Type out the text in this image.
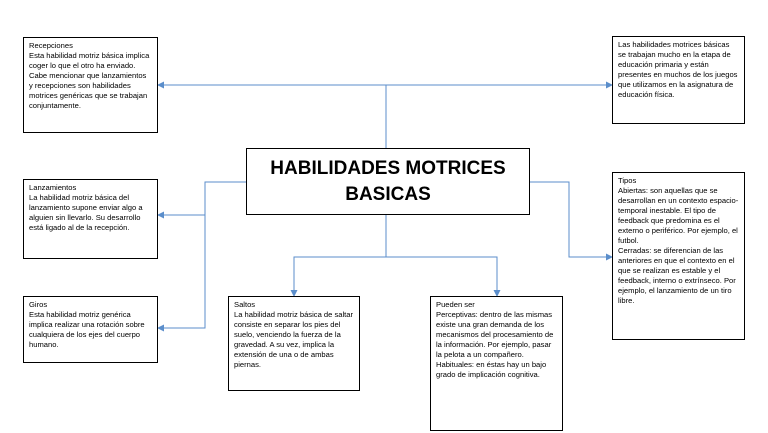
HABILIDADES MOTRICES
BASICAS
Recepciones
Esta habilidad motriz básica implica coger lo que el otro ha enviado. Cabe mencionar que lanzamientos y recepciones son habilidades motrices genéricas que se trabajan conjuntamente.
Lanzamientos
La habilidad motriz básica del lanzamiento supone enviar algo a alguien sin llevarlo. Su desarrollo está ligado al de la recepción.
Giros
Esta habilidad motriz genérica implica realizar una rotación sobre cualquiera de los ejes del cuerpo humano.
Saltos
La habilidad motriz básica de saltar consiste en separar los pies del suelo, venciendo la fuerza de la gravedad. A su vez, implica la extensión de una o de ambas piernas.
Pueden ser
Perceptivas: dentro de las mismas existe una gran demanda de los mecanismos del procesamiento de la información. Por ejemplo, pasar la pelota a un compañero.
Habituales: en éstas hay un bajo grado de implicación cognitiva.
Las habilidades motrices básicas se trabajan mucho en la etapa de educación primaria y están presentes en muchos de los juegos que utilizamos en la asignatura de educación física.
Tipos
Abiertas: son aquellas que se desarrollan en un contexto espacio-temporal inestable. El tipo de feedback que predomina es el externo o periférico. Por ejemplo, el futbol.
Cerradas: se diferencian de las anteriores en que el contexto en el que se realizan es estable y el feedback, interno o extrínseco. Por ejemplo, el lanzamiento de un tiro libre.
